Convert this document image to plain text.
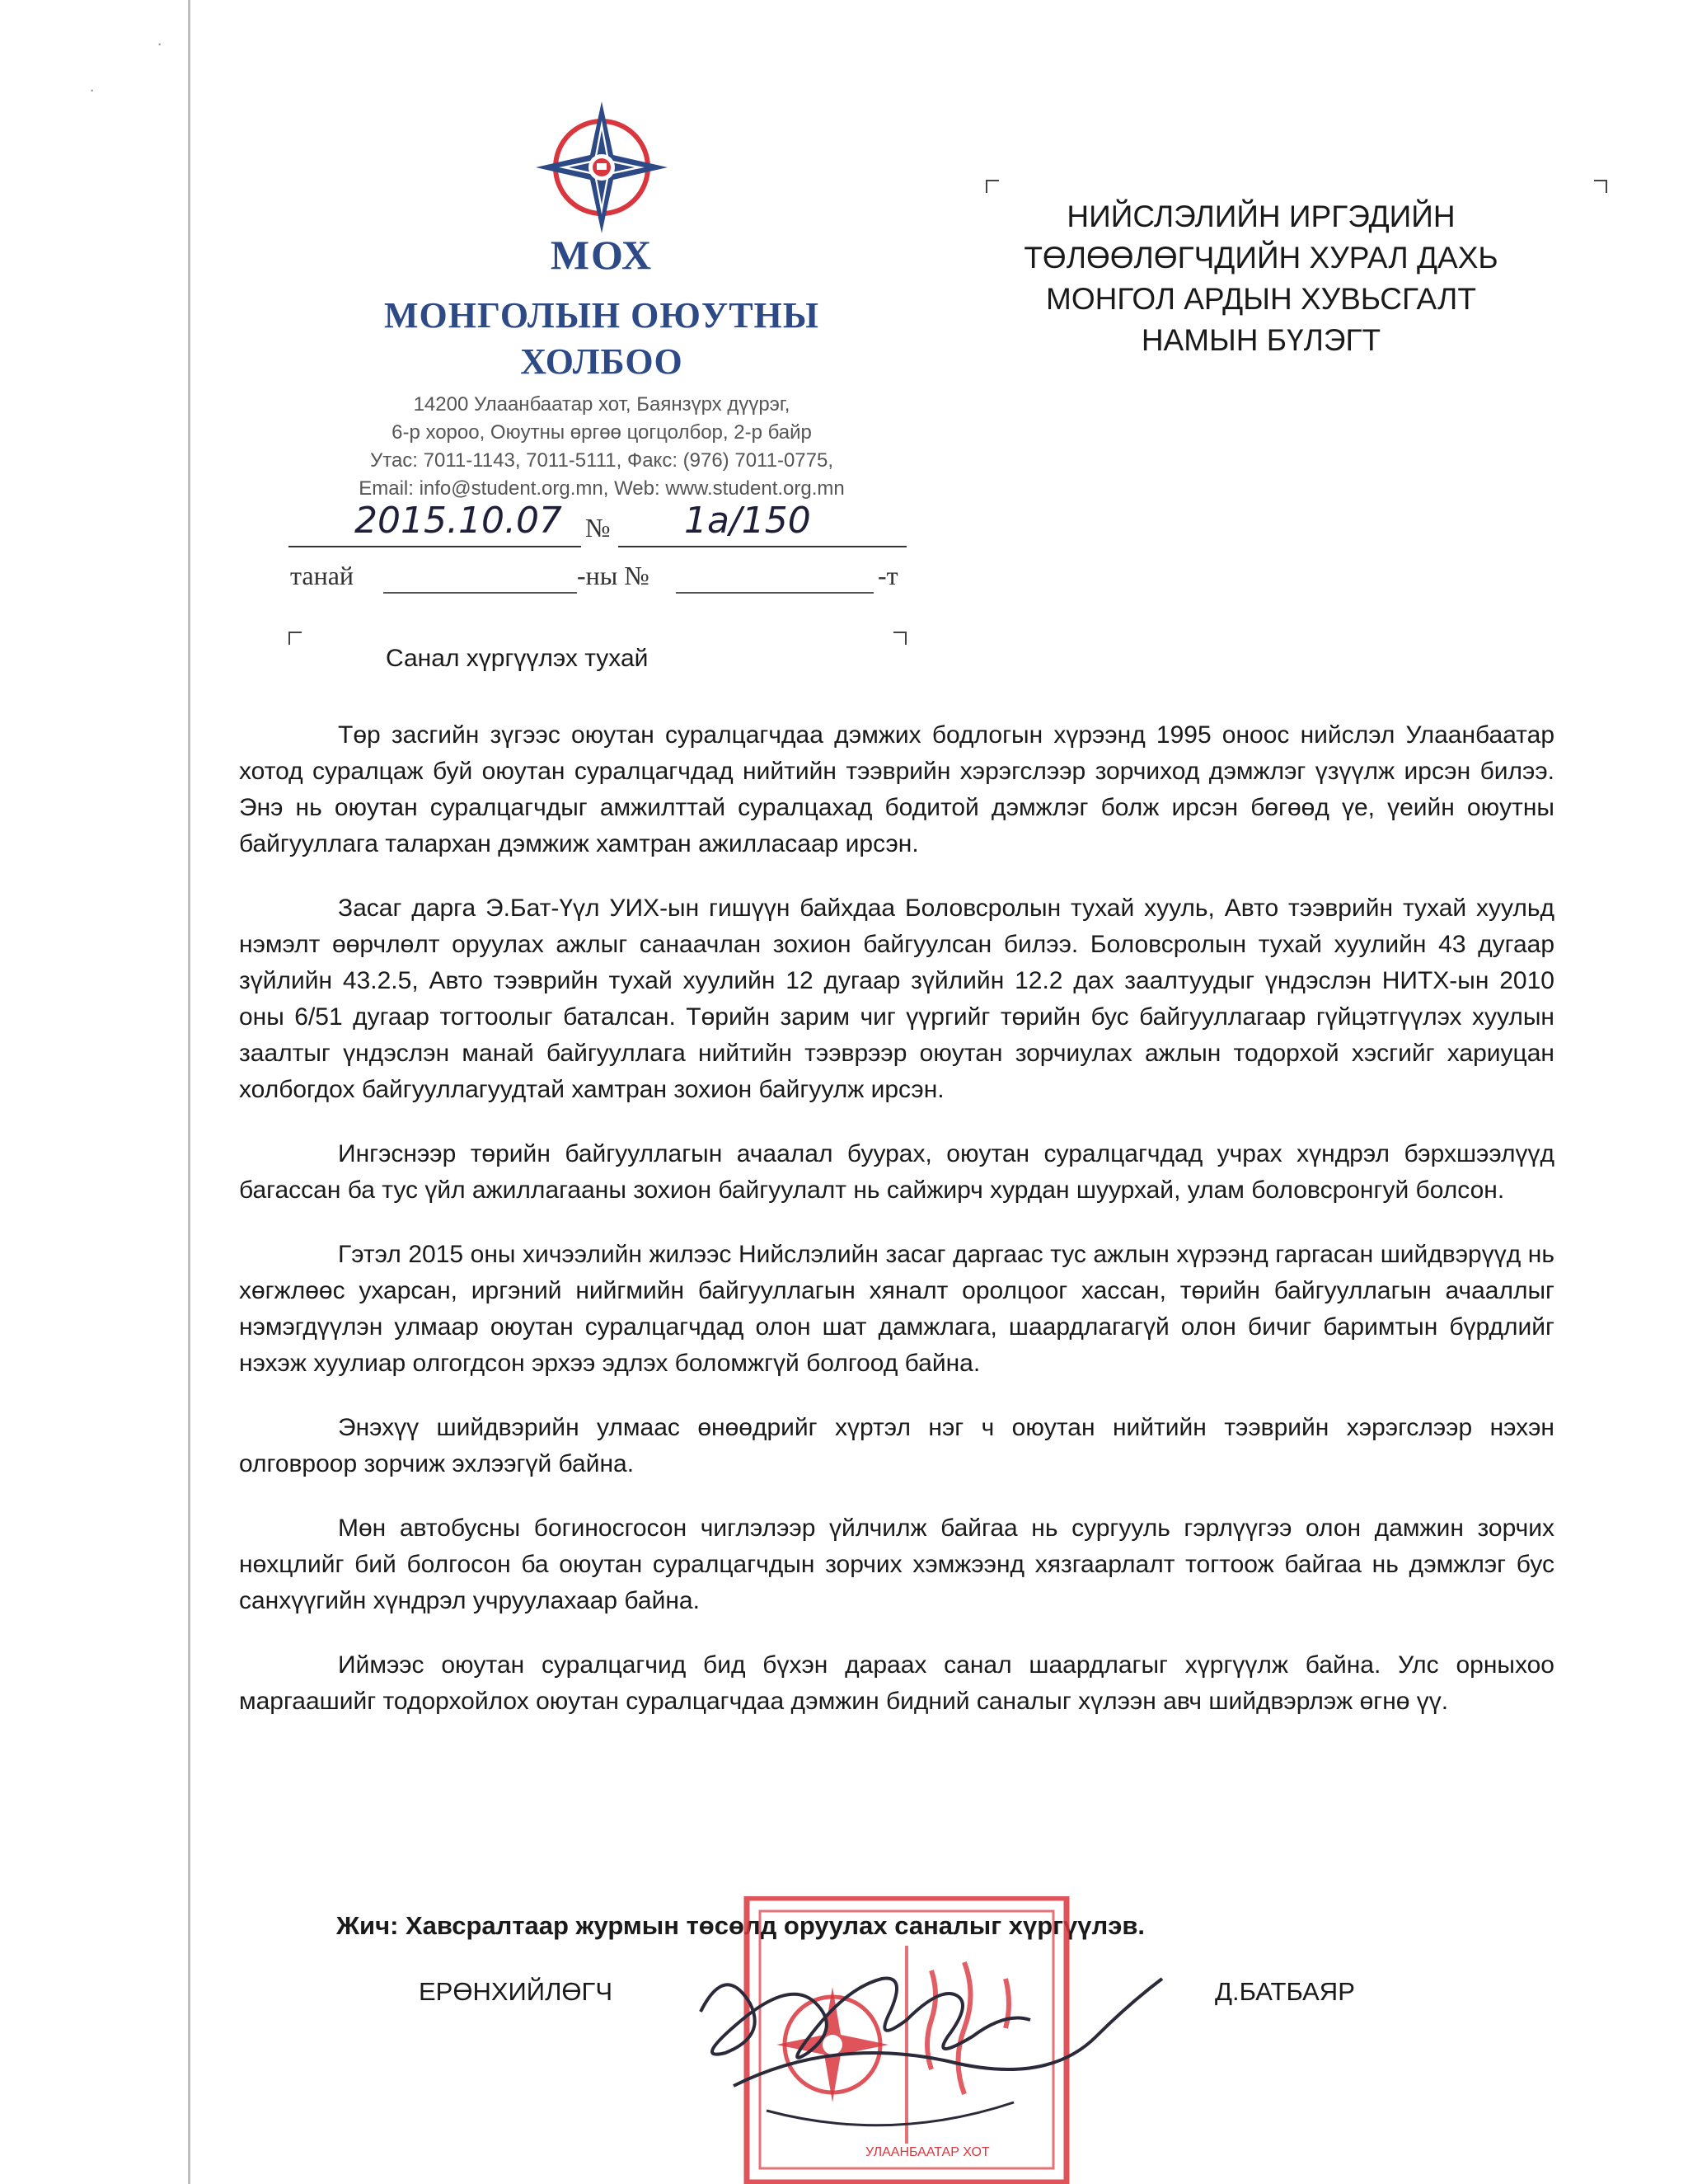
·
·
МОХ
МОНГОЛЫН ОЮУТНЫ
ХОЛБОО
14200 Улаанбаатар хот, Баянзүрх дүүрэг,
6-р хороо, Оюутны өргөө цогцолбор, 2-р байр
Утас: 7011-1143, 7011-5111, Факс: (976) 7011-0775,
Email: info@student.org.mn, Web: www.student.org.mn
2015.10.07 № 1а/150
танай	-ны №	-т
НИЙСЛЭЛИЙН ИРГЭДИЙН
ТӨЛӨӨЛӨГЧДИЙН ХУРАЛ ДАХЬ
МОНГОЛ АРДЫН ХУВЬСГАЛТ
НАМЫН БҮЛЭГТ
Санал хүргүүлэх тухай

Төр засгийн зүгээс оюутан суралцагчдаа дэмжих бодлогын хүрээнд 1995 оноос нийслэл Улаанбаатар хотод суралцаж буй оюутан суралцагчдад нийтийн тээврийн хэрэгслээр зорчиход дэмжлэг үзүүлж ирсэн билээ. Энэ нь оюутан суралцагчдыг амжилттай суралцахад бодитой дэмжлэг болж ирсэн бөгөөд үе, үеийн оюутны байгууллага талархан дэмжиж хамтран ажилласаар ирсэн.

Засаг дарга Э.Бат-Үүл УИХ-ын гишүүн байхдаа Боловсролын тухай хууль, Авто тээврийн тухай хуульд нэмэлт өөрчлөлт оруулах ажлыг санаачлан зохион байгуулсан билээ. Боловсролын тухай хуулийн 43 дугаар зүйлийн 43.2.5, Авто тээврийн тухай хуулийн 12 дугаар зүйлийн 12.2 дах заалтуудыг үндэслэн НИТХ-ын 2010 оны 6/51 дугаар тогтоолыг баталсан. Төрийн зарим чиг үүргийг төрийн бус байгууллагаар гүйцэтгүүлэх хуулын заалтыг үндэслэн манай байгууллага нийтийн тээврээр оюутан зорчиулах ажлын тодорхой хэсгийг хариуцан холбогдох байгууллагуудтай хамтран зохион байгуулж ирсэн.

Ингэснээр төрийн байгууллагын ачаалал буурах, оюутан суралцагчдад учрах хүндрэл бэрхшээлүүд багассан ба тус үйл ажиллагааны зохион байгуулалт нь сайжирч хурдан шуурхай, улам боловсронгуй болсон.

Гэтэл 2015 оны хичээлийн жилээс Нийслэлийн засаг даргаас тус ажлын хүрээнд гаргасан шийдвэрүүд нь хөгжлөөс ухарсан, иргэний нийгмийн байгууллагын хяналт оролцоог хассан, төрийн байгууллагын ачааллыг нэмэгдүүлэн улмаар оюутан суралцагчдад олон шат дамжлага, шаардлагагүй олон бичиг баримтын бүрдлийг нэхэж хуулиар олгогдсон эрхээ эдлэх боломжгүй болгоод байна.

Энэхүү шийдвэрийн улмаас өнөөдрийг хүртэл нэг ч оюутан нийтийн тээврийн хэрэгслээр нэхэн олговроор зорчиж эхлээгүй байна.

Мөн автобусны богиносгосон чиглэлээр үйлчилж байгаа нь сургууль гэрлүүгээ олон дамжин зорчих нөхцлийг бий болгосон ба оюутан суралцагчдын зорчих хэмжээнд хязгаарлалт тогтоож байгаа нь дэмжлэг бус санхүүгийн хүндрэл учруулахаар байна.

Иймээс оюутан суралцагчид бид бүхэн дараах санал шаардлагыг хүргүүлж байна. Улс орныхоо маргаашийг тодорхойлох оюутан суралцагчдаа дэмжин бидний саналыг хүлээн авч шийдвэрлэж өгнө үү.

Жич: Хавсралтаар журмын төсөлд оруулах саналыг хүргүүлэв.
УЛААНБААТАР ХОТ
ЕРӨНХИЙЛӨГЧ	Д.БАТБАЯР
